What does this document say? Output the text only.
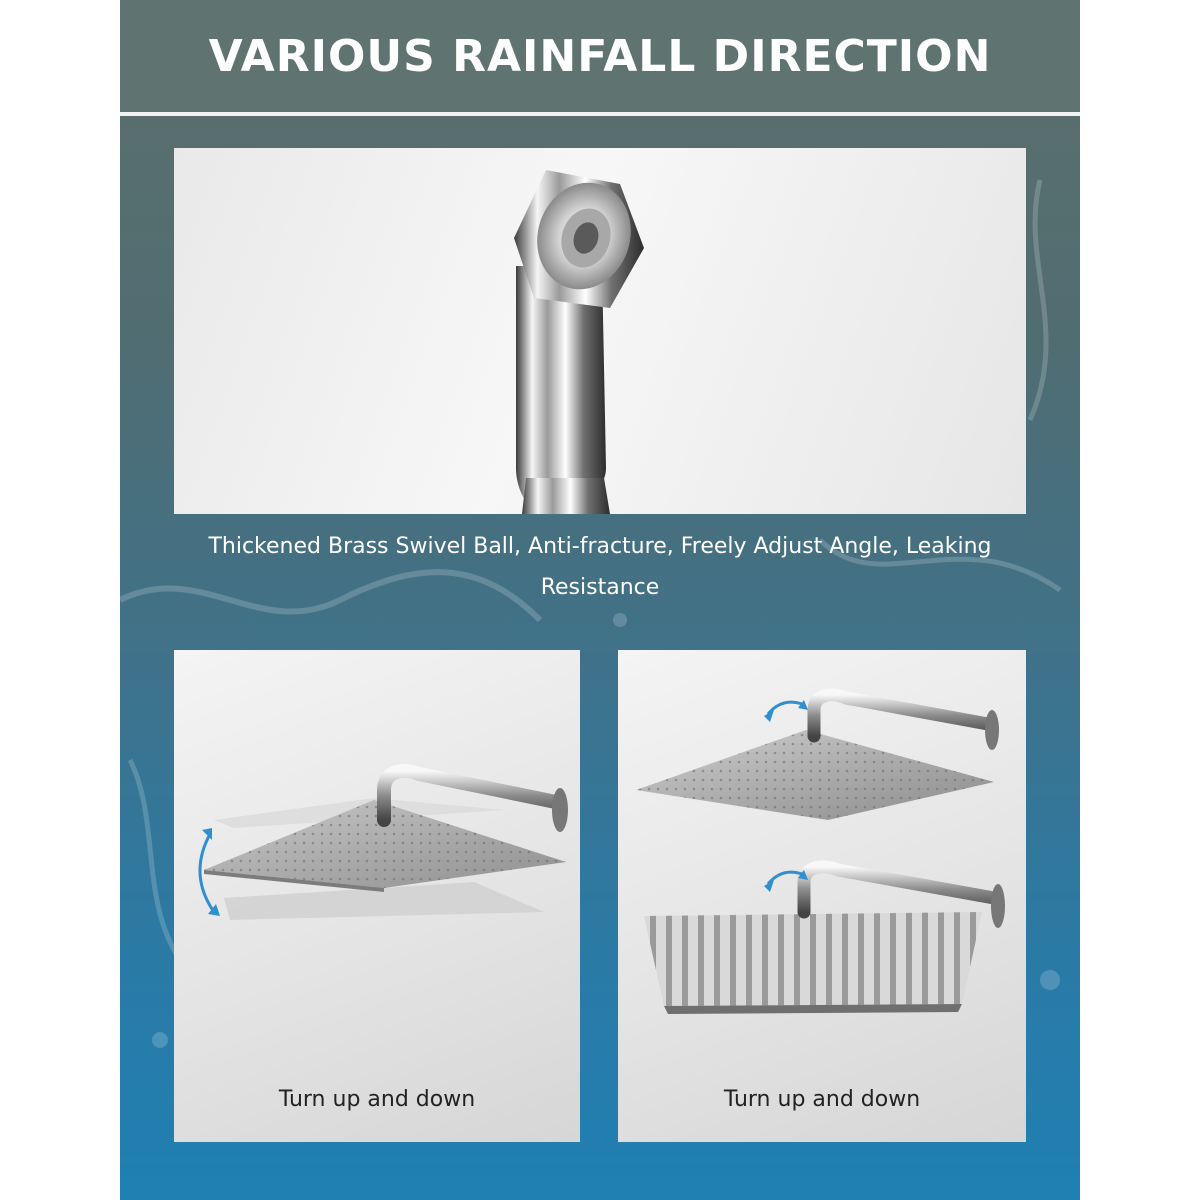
VARIOUS RAINFALL DIRECTION
Thickened Brass Swivel Ball, Anti-fracture, Freely Adjust Angle, Leaking Resistance
Turn up and down	Turn up and down
